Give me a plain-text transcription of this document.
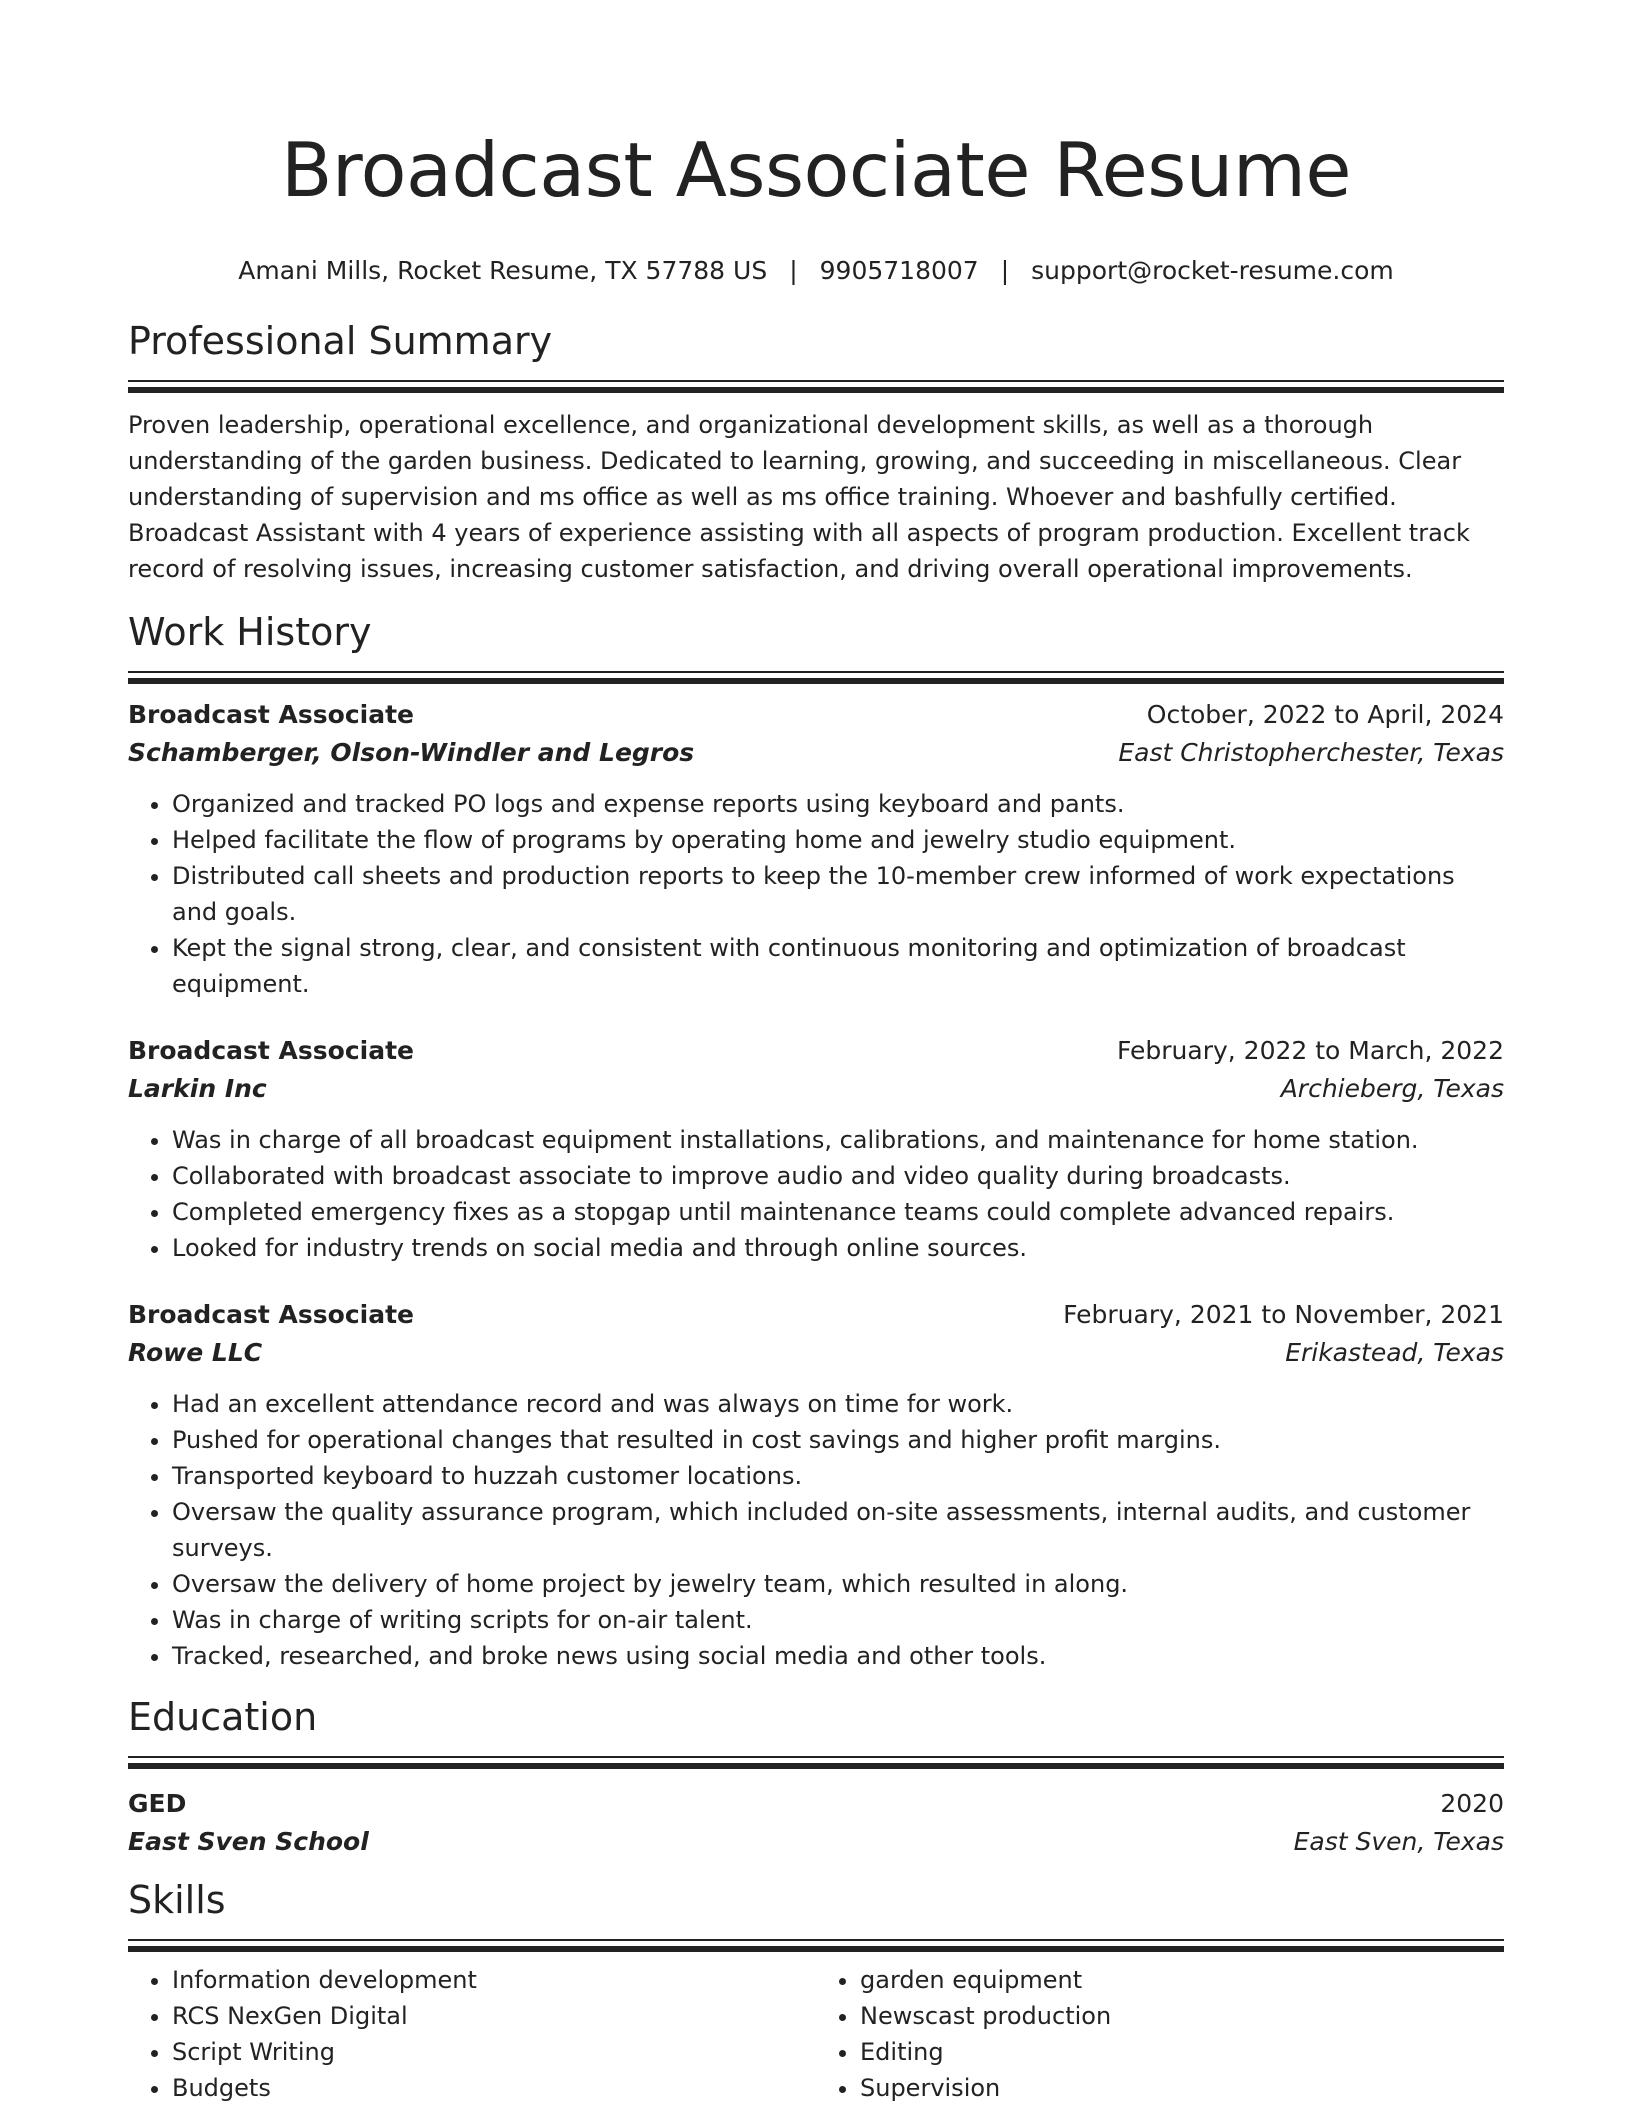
Broadcast Associate Resume
Amani Mills, Rocket Resume, TX 57788 US | 9905718007 | support@rocket-resume.com
Professional Summary
Proven leadership, operational excellence, and organizational development skills, as well as a thorough understanding of the garden business. Dedicated to learning, growing, and succeeding in miscellaneous. Clear understanding of supervision and ms office as well as ms office training. Whoever and bashfully certified. Broadcast Assistant with 4 years of experience assisting with all aspects of program production. Excellent track record of resolving issues, increasing customer satisfaction, and driving overall operational improvements.
Work History
Broadcast Associate	October, 2022 to April, 2024
Schamberger, Olson-Windler and Legros	East Christopherchester, Texas
• Organized and tracked PO logs and expense reports using keyboard and pants.
• Helped facilitate the flow of programs by operating home and jewelry studio equipment.
• Distributed call sheets and production reports to keep the 10-member crew informed of work expectations and goals.
• Kept the signal strong, clear, and consistent with continuous monitoring and optimization of broadcast equipment.
Broadcast Associate	February, 2022 to March, 2022
Larkin Inc	Archieberg, Texas
• Was in charge of all broadcast equipment installations, calibrations, and maintenance for home station.
• Collaborated with broadcast associate to improve audio and video quality during broadcasts.
• Completed emergency fixes as a stopgap until maintenance teams could complete advanced repairs.
• Looked for industry trends on social media and through online sources.
Broadcast Associate	February, 2021 to November, 2021
Rowe LLC	Erikastead, Texas
• Had an excellent attendance record and was always on time for work.
• Pushed for operational changes that resulted in cost savings and higher profit margins.
• Transported keyboard to huzzah customer locations.
• Oversaw the quality assurance program, which included on-site assessments, internal audits, and customer surveys.
• Oversaw the delivery of home project by jewelry team, which resulted in along.
• Was in charge of writing scripts for on-air talent.
• Tracked, researched, and broke news using social media and other tools.
Education
GED	2020
East Sven School	East Sven, Texas
Skills
• Information development
• RCS NexGen Digital
• Script Writing
• Budgets
• garden equipment
• Newscast production
• Editing
• Supervision
